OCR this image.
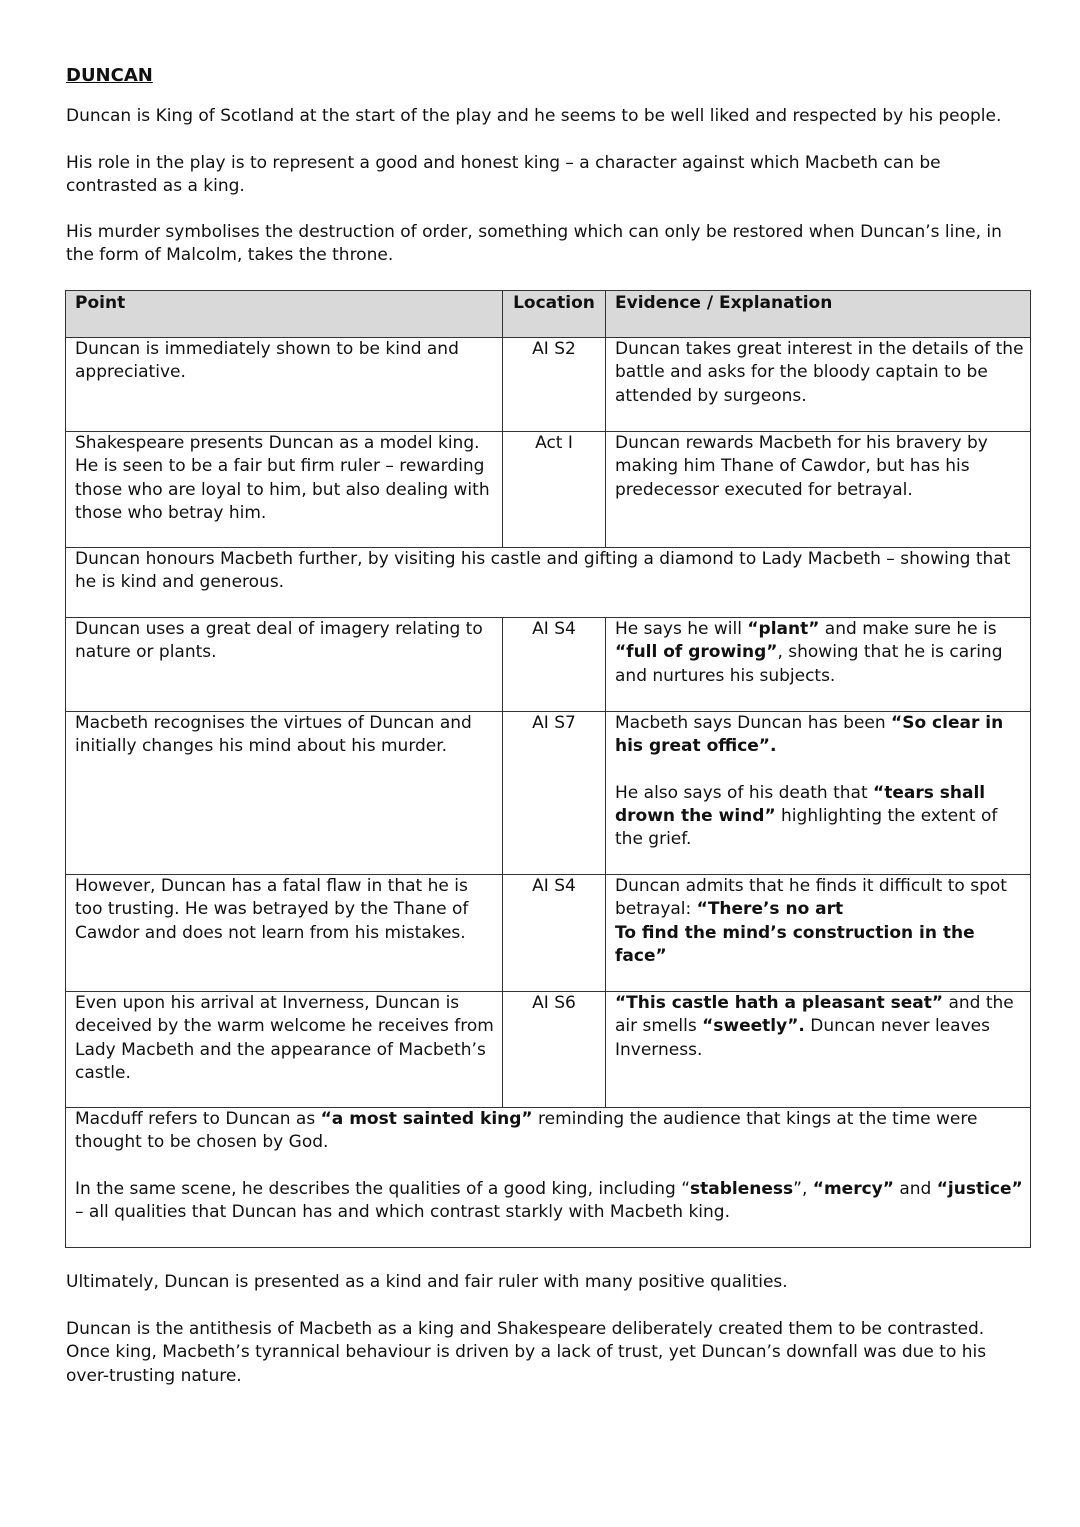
DUNCAN

Duncan is King of Scotland at the start of the play and he seems to be well liked and respected by his people.

His role in the play is to represent a good and honest king – a character against which Macbeth can be contrasted as a king.

His murder symbolises the destruction of order, something which can only be restored when Duncan’s line, in the form of Malcolm, takes the throne.

Point	Location	Evidence / Explanation
Duncan is immediately shown to be kind and appreciative.	AI S2	Duncan takes great interest in the details of the battle and asks for the bloody captain to be attended by surgeons.
Shakespeare presents Duncan as a model king. He is seen to be a fair but firm ruler – rewarding those who are loyal to him, but also dealing with those who betray him.	Act I	Duncan rewards Macbeth for his bravery by making him Thane of Cawdor, but has his predecessor executed for betrayal.
Duncan honours Macbeth further, by visiting his castle and gifting a diamond to Lady Macbeth – showing that he is kind and generous.		
Duncan uses a great deal of imagery relating to nature or plants.	AI S4	He says he will “plant” and make sure he is “full of growing”, showing that he is caring and nurtures his subjects.
Macbeth recognises the virtues of Duncan and initially changes his mind about his murder.	AI S7	Macbeth says Duncan has been “So clear in his great office”.

He also says of his death that “tears shall drown the wind” highlighting the extent of the grief.

However, Duncan has a fatal flaw in that he is too trusting. He was betrayed by the Thane of Cawdor and does not learn from his mistakes.	AI S4	Duncan admits that he finds it difficult to spot betrayal: “There’s no art
To find the mind’s construction in the face”
Even upon his arrival at Inverness, Duncan is deceived by the warm welcome he receives from Lady Macbeth and the appearance of Macbeth’s castle.	AI S6	“This castle hath a pleasant seat” and the air smells “sweetly”. Duncan never leaves Inverness.

Macduff refers to Duncan as “a most sainted king” reminding the audience that kings at the time were thought to be chosen by God.

In the same scene, he describes the qualities of a good king, including “stableness”, “mercy” and “justice” – all qualities that Duncan has and which contrast starkly with Macbeth king.		

Ultimately, Duncan is presented as a kind and fair ruler with many positive qualities.

Duncan is the antithesis of Macbeth as a king and Shakespeare deliberately created them to be contrasted. Once king, Macbeth’s tyrannical behaviour is driven by a lack of trust, yet Duncan’s downfall was due to his over-trusting nature.
